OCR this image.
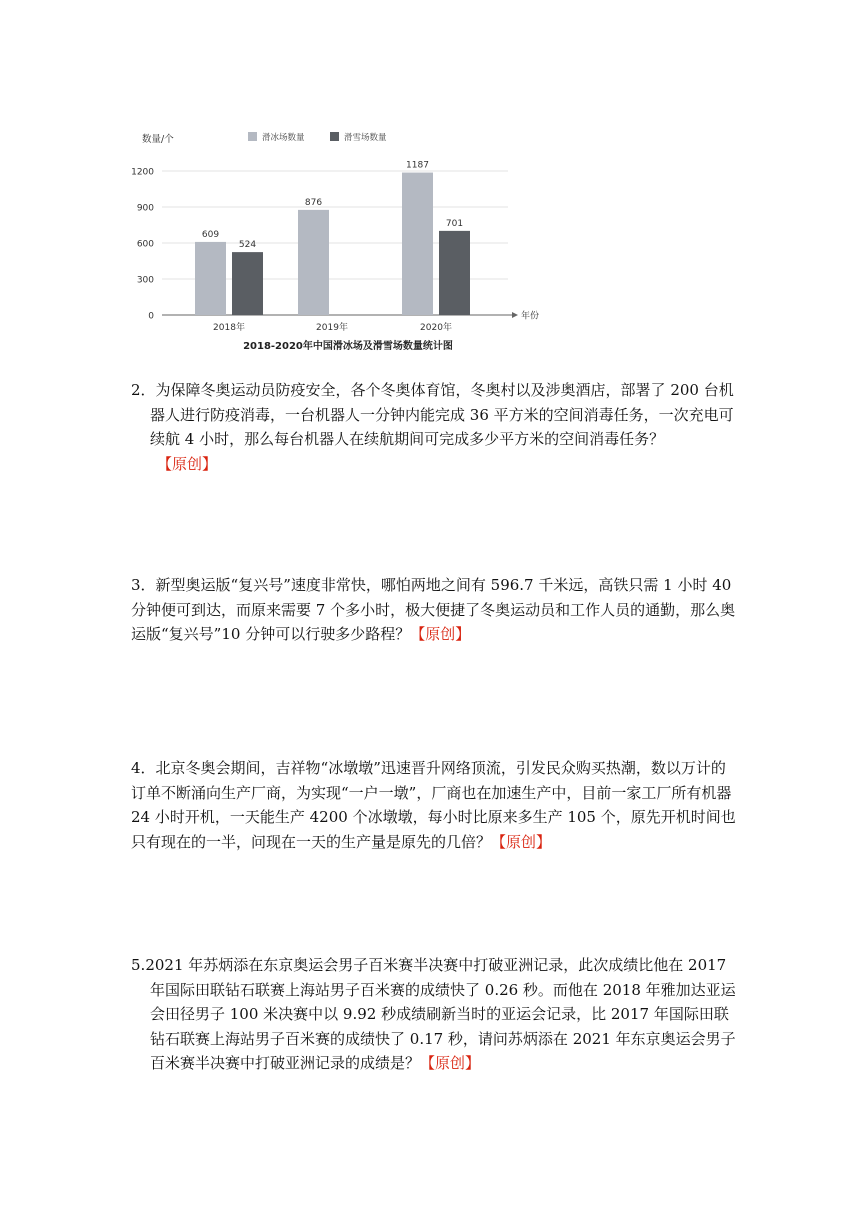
0
300
600
900
1200
年份
数量/个	滑冰场数量	滑雪场数量
609
524
2018年
876
2019年
1187
701
2020年
2018-2020年中国滑冰场及滑雪场数量统计图
2．为保障冬奥运动员防疫安全，各个冬奥体育馆，冬奥村以及涉奥酒店，部署了 200 台机器人进行防疫消毒，一台机器人一分钟内能完成 36 平方米的空间消毒任务，一次充电可续航 4 小时，那么每台机器人在续航期间可完成多少平方米的空间消毒任务？
【原创】
3．新型奥运版“复兴号”速度非常快，哪怕两地之间有 596.7 千米远，高铁只需 1 小时 40 分钟便可到达，而原来需要 7 个多小时，极大便捷了冬奥运动员和工作人员的通勤，那么奥运版“复兴号”10 分钟可以行驶多少路程？【原创】
4．北京冬奥会期间，吉祥物“冰墩墩”迅速晋升网络顶流，引发民众购买热潮，数以万计的订单不断涌向生产厂商，为实现“一户一墩”，厂商也在加速生产中，目前一家工厂所有机器 24 小时开机，一天能生产 4200 个冰墩墩，每小时比原来多生产 105 个，原先开机时间也只有现在的一半，问现在一天的生产量是原先的几倍？【原创】
5.2021 年苏炳添在东京奥运会男子百米赛半决赛中打破亚洲记录，此次成绩比他在 2017 年国际田联钻石联赛上海站男子百米赛的成绩快了 0.26 秒。而他在 2018 年雅加达亚运会田径男子 100 米决赛中以 9.92 秒成绩刷新当时的亚运会记录，比 2017 年国际田联钻石联赛上海站男子百米赛的成绩快了 0.17 秒，请问苏炳添在 2021 年东京奥运会男子百米赛半决赛中打破亚洲记录的成绩是？【原创】
